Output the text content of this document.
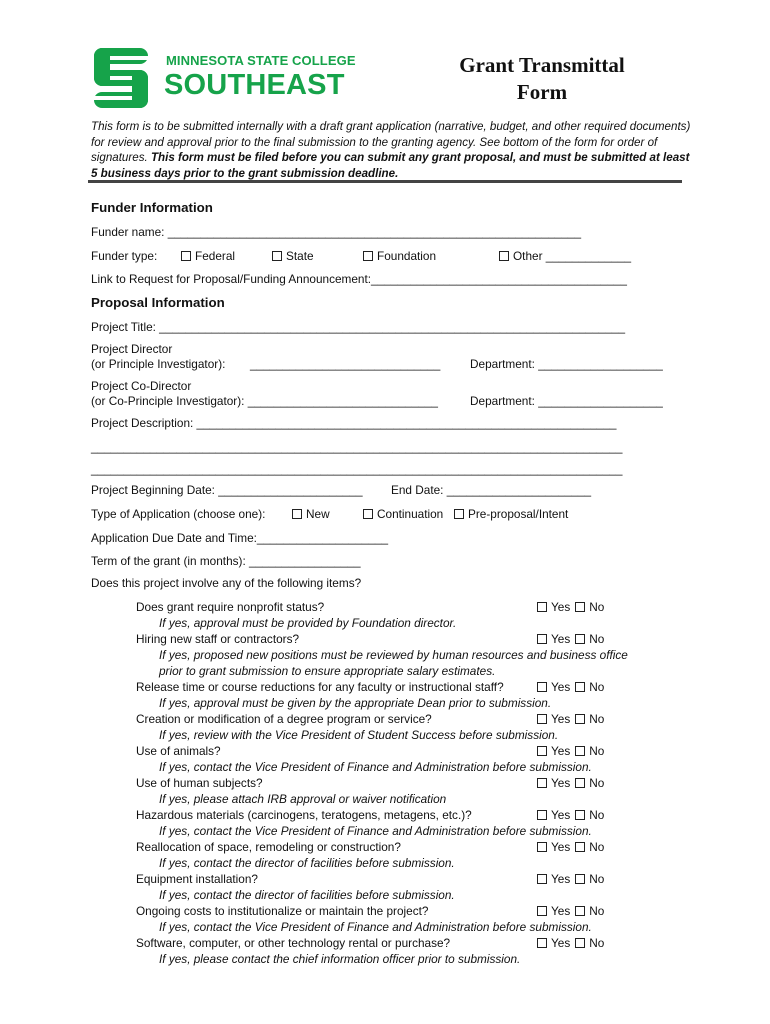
MINNESOTA STATE COLLEGE
SOUTHEAST
Grant Transmittal
Form
This form is to be submitted internally with a draft grant application (narrative, budget, and other required documents) for review and approval prior to the final submission to the granting agency. See bottom of the form for order of signatures. This form must be filed before you can submit any grant proposal, and must be submitted at least 5 business days prior to the grant submission deadline.
Funder Information
Funder name: _______________________________________________________________
Funder type:	Federal	State	Foundation	Other _____________
Link to Request for Proposal/Funding Announcement:_______________________________________
Proposal Information
Project Title: _______________________________________________________________________
Project Director
(or Principle Investigator): _____________________________	Department: ___________________
Project Co-Director
(or Co-Principle Investigator): _____________________________	Department: ___________________
Project Description: ________________________________________________________________
_________________________________________________________________________________
_________________________________________________________________________________
Project Beginning Date: ______________________ End Date: ______________________
Type of Application (choose one):	New	Continuation	Pre-proposal/Intent
Application Due Date and Time:____________________
Term of the grant (in months): _________________
Does this project involve any of the following items?
Does grant require nonprofit status?	Yes No
If yes, approval must be provided by Foundation director.
Hiring new staff or contractors?	Yes No
If yes, proposed new positions must be reviewed by human resources and business office
prior to grant submission to ensure appropriate salary estimates.
Release time or course reductions for any faculty or instructional staff?	Yes No
If yes, approval must be given by the appropriate Dean prior to submission.
Creation or modification of a degree program or service?	Yes No
If yes, review with the Vice President of Student Success before submission.
Use of animals?	Yes No
If yes, contact the Vice President of Finance and Administration before submission.
Use of human subjects?	Yes No
If yes, please attach IRB approval or waiver notification
Hazardous materials (carcinogens, teratogens, metagens, etc.)?	Yes No
If yes, contact the Vice President of Finance and Administration before submission.
Reallocation of space, remodeling or construction?	Yes No
If yes, contact the director of facilities before submission.
Equipment installation?	Yes No
If yes, contact the director of facilities before submission.
Ongoing costs to institutionalize or maintain the project?	Yes No
If yes, contact the Vice President of Finance and Administration before submission.
Software, computer, or other technology rental or purchase?	Yes No
If yes, please contact the chief information officer prior to submission.
